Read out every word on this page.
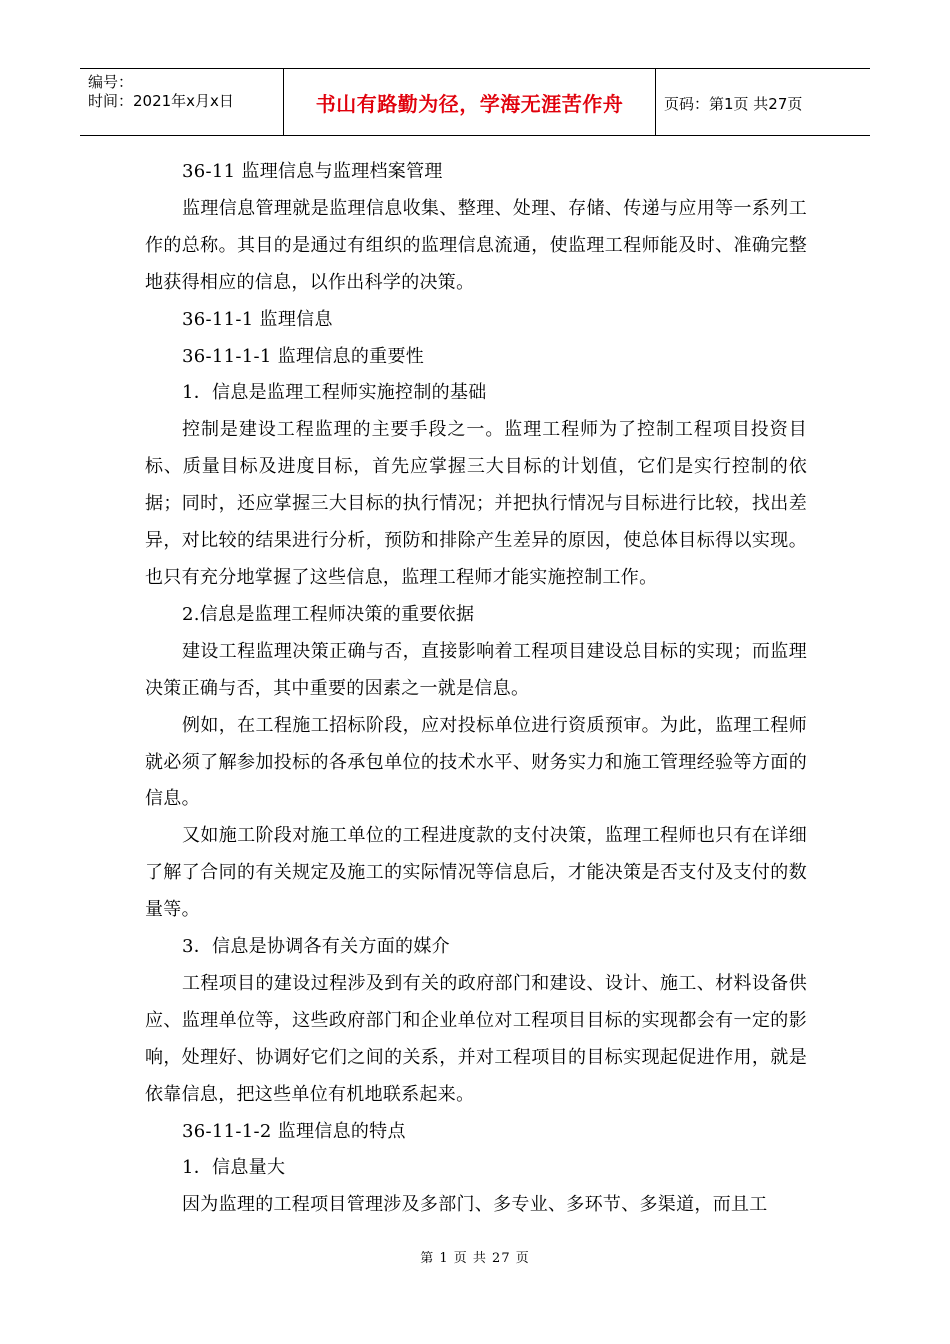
编号：
时间：2021年x月x日	书山有路勤为径，学海无涯苦作舟	页码：第1页 共27页

36-11 监理信息与监理档案管理

监理信息管理就是监理信息收集、整理、处理、存储、传递与应用等一系列工作的总称。其目的是通过有组织的监理信息流通，使监理工程师能及时、准确完整地获得相应的信息，以作出科学的决策。

36-11-1 监理信息

36-11-1-1 监理信息的重要性

1．信息是监理工程师实施控制的基础

控制是建设工程监理的主要手段之一。监理工程师为了控制工程项目投资目标、质量目标及进度目标，首先应掌握三大目标的计划值，它们是实行控制的依据；同时，还应掌握三大目标的执行情况；并把执行情况与目标进行比较，找出差异，对比较的结果进行分析，预防和排除产生差异的原因，使总体目标得以实现。也只有充分地掌握了这些信息，监理工程师才能实施控制工作。

2.信息是监理工程师决策的重要依据

建设工程监理决策正确与否，直接影响着工程项目建设总目标的实现；而监理决策正确与否，其中重要的因素之一就是信息。

例如，在工程施工招标阶段，应对投标单位进行资质预审。为此，监理工程师就必须了解参加投标的各承包单位的技术水平、财务实力和施工管理经验等方面的信息。

又如施工阶段对施工单位的工程进度款的支付决策，监理工程师也只有在详细了解了合同的有关规定及施工的实际情况等信息后，才能决策是否支付及支付的数量等。

3．信息是协调各有关方面的媒介

工程项目的建设过程涉及到有关的政府部门和建设、设计、施工、材料设备供应、监理单位等，这些政府部门和企业单位对工程项目目标的实现都会有一定的影响，处理好、协调好它们之间的关系，并对工程项目的目标实现起促进作用，就是依靠信息，把这些单位有机地联系起来。

36-11-1-2 监理信息的特点

1．信息量大

因为监理的工程项目管理涉及多部门、多专业、多环节、多渠道，而且工

第 1 页 共 27 页
